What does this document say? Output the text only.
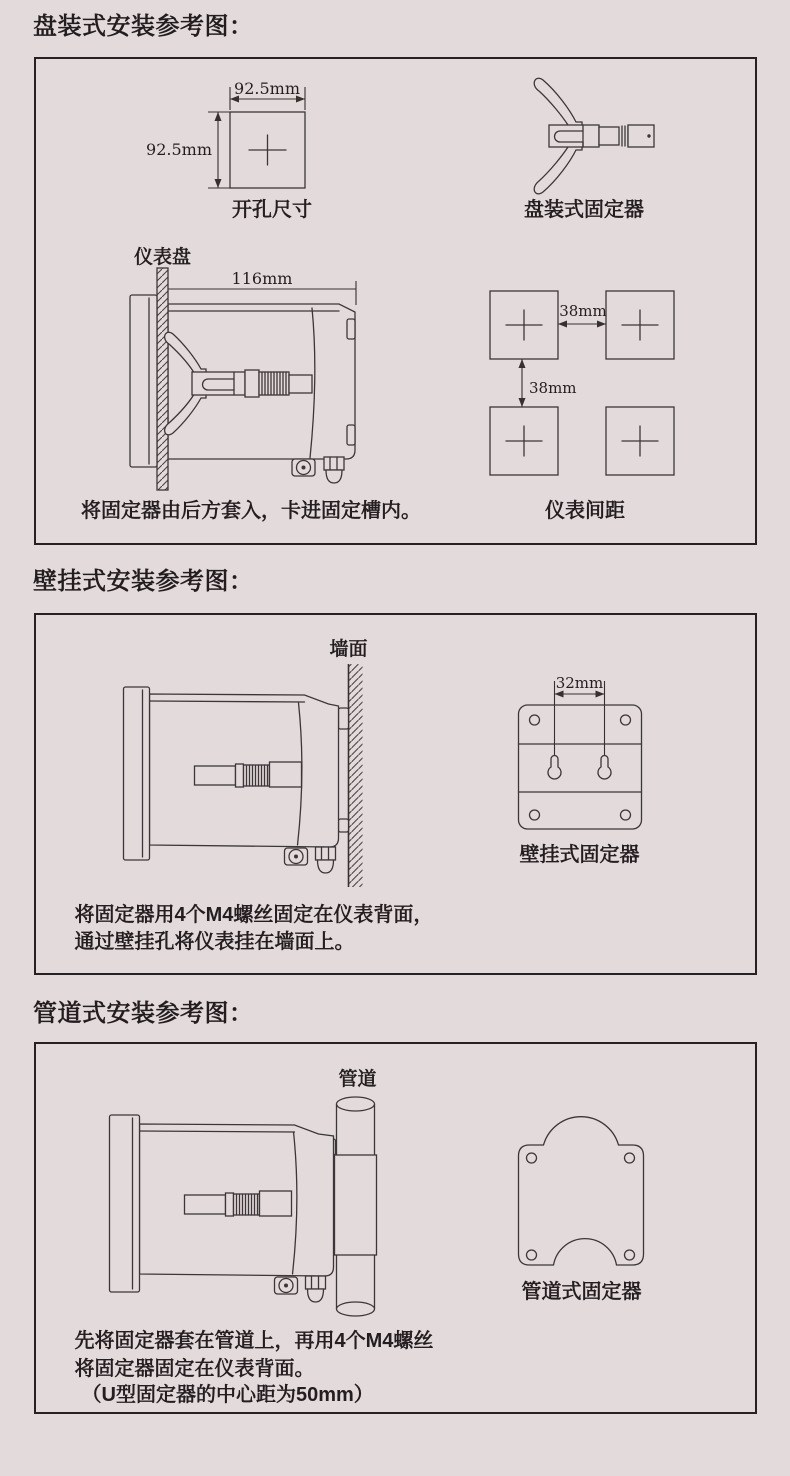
盘装式安装参考图：
92.5mm
92.5mm
开孔尺寸	盘装式固定器
仪表盘
116mm
将固定器由后方套入，卡进固定槽内。
38mm
38mm
仪表间距
壁挂式安装参考图：
墙面
32mm
壁挂式固定器
将固定器用4个M4螺丝固定在仪表背面，
通过壁挂孔将仪表挂在墙面上。
管道式安装参考图：
管道
管道式固定器
先将固定器套在管道上，再用4个M4螺丝
将固定器固定在仪表背面。
（U型固定器的中心距为50mm）
